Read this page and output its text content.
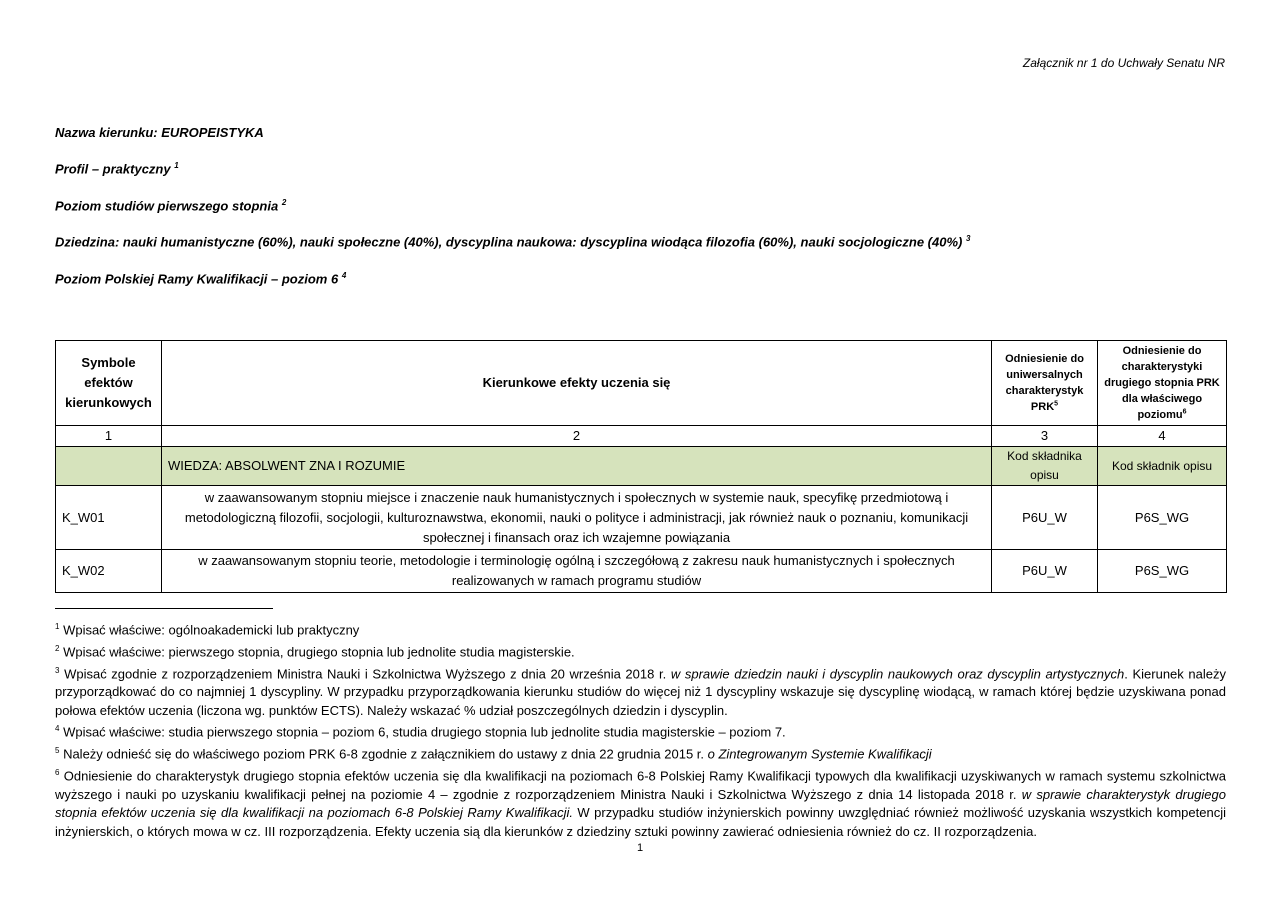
Załącznik nr 1 do Uchwały Senatu NR
Nazwa kierunku: EUROPEISTYKA
Profil – praktyczny $^1$
Poziom studiów pierwszego stopnia $^2$
Dziedzina: nauki humanistyczne (60%), nauki społeczne (40%), dyscyplina naukowa: dyscyplina wiodąca filozofia (60%), nauki socjologiczne (40%) $^3$
Poziom Polskiej Ramy Kwalifikacji – poziom 6 $^4$
Symbole efektów kierunkowych	Kierunkowe efekty uczenia się	Odniesienie do uniwersalnych charakterystyk PRK$^5$	Odniesienie do charakterystyki drugiego stopnia PRK dla właściwego poziomu$^6$
1	2	3	4
	WIEDZA: ABSOLWENT ZNA I ROZUMIE	Kod składnika opisu	Kod składnik opisu
K_W01	w zaawansowanym stopniu miejsce i znaczenie nauk humanistycznych i społecznych w systemie nauk, specyfikę przedmiotową i metodologiczną filozofii, socjologii, kulturoznawstwa, ekonomii, nauki o polityce i administracji, jak również nauk o poznaniu, komunikacji społecznej i finansach oraz ich wzajemne powiązania	P6U_W	P6S_WG
K_W02	w zaawansowanym stopniu teorie, metodologie i terminologię ogólną i szczegółową z zakresu nauk humanistycznych i społecznych realizowanych w ramach programu studiów	P6U_W	P6S_WG
$^1$ Wpisać właściwe: ogólnoakademicki lub praktyczny
$^2$ Wpisać właściwe: pierwszego stopnia, drugiego stopnia lub jednolite studia magisterskie.
$^3$ Wpisać zgodnie z rozporządzeniem Ministra Nauki i Szkolnictwa Wyższego z dnia 20 września 2018 r. w sprawie dziedzin nauki i dyscyplin naukowych oraz dyscyplin artystycznych. Kierunek należy przyporządkować do co najmniej 1 dyscypliny. W przypadku przyporządkowania kierunku studiów do więcej niż 1 dyscypliny wskazuje się dyscyplinę wiodącą, w ramach której będzie uzyskiwana ponad połowa efektów uczenia (liczona wg. punktów ECTS). Należy wskazać % udział poszczególnych dziedzin i dyscyplin.
$^4$ Wpisać właściwe: studia pierwszego stopnia – poziom 6, studia drugiego stopnia lub jednolite studia magisterskie – poziom 7.
$^5$ Należy odnieść się do właściwego poziom PRK 6-8 zgodnie z załącznikiem do ustawy z dnia 22 grudnia 2015 r. o Zintegrowanym Systemie Kwalifikacji
$^6$ Odniesienie do charakterystyk drugiego stopnia efektów uczenia się dla kwalifikacji na poziomach 6-8 Polskiej Ramy Kwalifikacji typowych dla kwalifikacji uzyskiwanych w ramach systemu szkolnictwa wyższego i nauki po uzyskaniu kwalifikacji pełnej na poziomie 4 – zgodnie z rozporządzeniem Ministra Nauki i Szkolnictwa Wyższego z dnia 14 listopada 2018 r. w sprawie charakterystyk drugiego stopnia efektów uczenia się dla kwalifikacji na poziomach 6-8 Polskiej Ramy Kwalifikacji. W przypadku studiów inżynierskich powinny uwzględniać również możliwość uzyskania wszystkich kompetencji inżynierskich, o których mowa w cz. III rozporządzenia. Efekty uczenia sią dla kierunków z dziedziny sztuki powinny zawierać odniesienia również do cz. II rozporządzenia.
1
